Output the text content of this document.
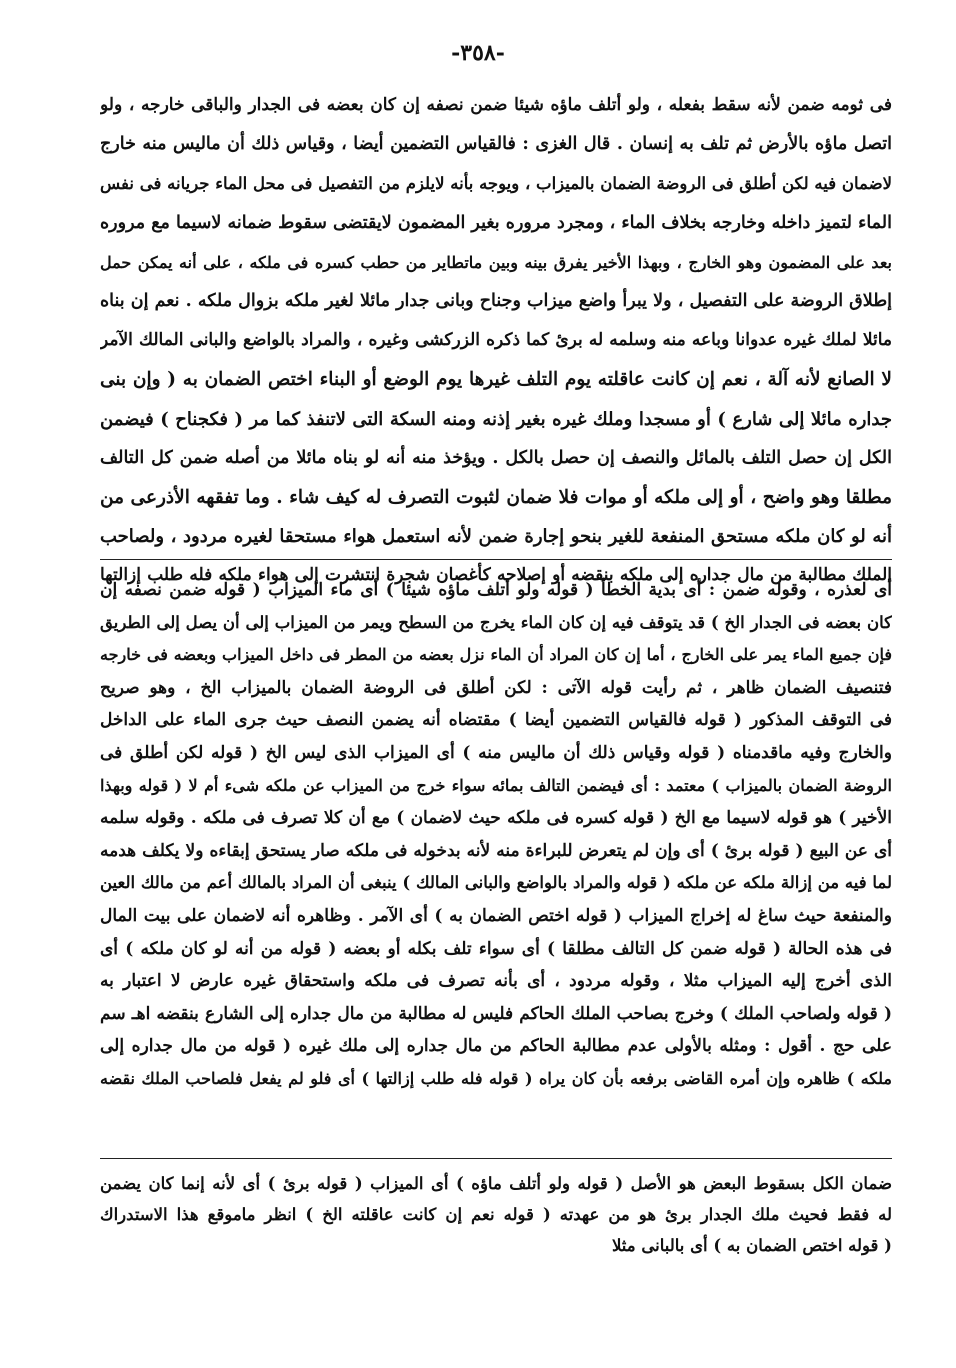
-٣٥٨-
فى ثومه ضمن لأنه سقط بفعله ، ولو أتلف ماؤه شيئا ضمن نصفه إن كان بعضه فى الجدار والباقى خارجه ، ولو
اتصل ماؤه بالأرض ثم تلف به إنسان . قال الغزى : فالقياس التضمين أيضا ، وقياس ذلك أن ماليس منه خارج
لاضمان فيه لكن أطلق فى الروضة الضمان بالميزاب ، ويوجه بأنه لايلزم من التفصيل فى محل الماء جريانه فى نفس
الماء لتميز داخله وخارجه بخلاف الماء ، ومجرد مروره بغير المضمون لايقتضى سقوط ضمانه لاسيما مع مروره
بعد على المضمون وهو الخارج ، وبهذا الأخير يفرق بينه وبين ماتطاير من حطب كسره فى ملكه ، على أنه يمكن حمل
إطلاق الروضة على التفصيل ، ولا يبرأ واضع ميزاب وجناح وبانى جدار مائلا لغير ملكه بزوال ملكه . نعم إن بناه
مائلا لملك غيره عدوانا وباعه منه وسلمه له برئ كما ذكره الزركشى وغيره ، والمراد بالواضع والبانى المالك الآمر
لا الصانع لأنه آلة ، نعم إن كانت عاقلته يوم التلف غيرها يوم الوضع أو البناء اختص الضمان به ( وإن بنى
جداره مائلا إلى شارع ) أو مسجدا وملك غيره بغير إذنه ومنه السكة التى لاتنفذ كما مر ( فكجناح ) فيضمن
الكل إن حصل التلف بالمائل والنصف إن حصل بالكل . ويؤخذ منه أنه لو بناه مائلا من أصله ضمن كل التالف
مطلقا وهو واضح ، أو إلى ملكه أو موات فلا ضمان لثبوت التصرف له كيف شاء . وما تفقهه الأذرعى من
أنه لو كان ملكه مستحق المنفعة للغير بنحو إجارة ضمن لأنه استعمل هواء مستحقا لغيره مردود ، ولصاحب
الملك مطالبة من مال جداره إلى ملكه بنقضه أو إصلاحه كأغصان شجرة انتشرت إلى هواء ملكه فله طلب إزالتها
أى لعذره ، وقوله ضمن : أى بدية الخطأ ( قوله ولو أتلف ماؤه شيئا ) أى ماء الميزاب ( قوله ضمن نصفه إن
كان بعضه فى الجدار الخ ) قد يتوقف فيه إن كان الماء يخرج من السطح ويمر من الميزاب إلى أن يصل إلى الطريق
فإن جميع الماء يمر على الخارج ، أما إن كان المراد أن الماء نزل بعضه من المطر فى داخل الميزاب وبعضه فى خارجه
فتنصيف الضمان ظاهر ، ثم رأيت قوله الآتى : لكن أطلق فى الروضة الضمان بالميزاب الخ ، وهو صريح
فى التوقف المذكور ( قوله فالقياس التضمين أيضا ) مقتضاه أنه يضمن النصف حيث جرى الماء على الداخل
والخارج وفيه ماقدمناه ( قوله وقياس ذلك أن ماليس منه ) أى الميزاب الذى ليس الخ ( قوله لكن أطلق فى
الروضة الضمان بالميزاب ) معتمد : أى فيضمن التالف بمائه سواء خرج من الميزاب عن ملكه شىء أم لا ( قوله وبهذا
الأخير ) هو قوله لاسيما مع الخ ( قوله كسره فى ملكه حيث لاضمان ) مع أن كلا تصرف فى ملكه . وقوله سلمه
أى عن البيع ( قوله برئ ) أى وإن لم يتعرض للبراءة منه لأنه بدخوله فى ملكه صار يستحق إبقاءه ولا يكلف هدمه
لما فيه من إزالة ملكه عن ملكه ( قوله والمراد بالواضع والبانى المالك ) ينبغى أن المراد بالمالك أعم من مالك العين
والمنفعة حيث ساغ له إخراج الميزاب ( قوله اختص الضمان به ) أى الآمر . وظاهره أنه لاضمان على بيت المال
فى هذه الحالة ( قوله ضمن كل التالف مطلقا ) أى سواء تلف بكله أو بعضه ( قوله من أنه لو كان ملكه ) أى
الذى أخرج إليه الميزاب مثلا ، وقوله مردود ، أى بأنه تصرف فى ملكه واستحقاق غيره عارض لا اعتبار به
( قوله ولصاحب الملك ) وخرج بصاحب الملك الحاكم فليس له مطالبة من مال جداره إلى الشارع بنقضه اهـ سم
على حج . أقول : ومثله بالأولى عدم مطالبة الحاكم من مال جداره إلى ملك غيره ( قوله من مال جداره إلى
ملكه ) ظاهره وإن أمره القاضى برفعه بأن كان يراه ( قوله فله طلب إزالتها ) أى فلو لم يفعل فلصاحب الملك نقضه
ضمان الكل بسقوط البعض هو الأصل ( قوله ولو أتلف ماؤه ) أى الميزاب ( قوله برئ ) أى لأنه إنما كان يضمن
له فقط فحيث ملك الجدار برئ هو من عهدته ( قوله نعم إن كانت عاقلته الخ ) انظر ماموقع هذا الاستدراك
( قوله اختص الضمان به ) أى بالبانى مثلا
